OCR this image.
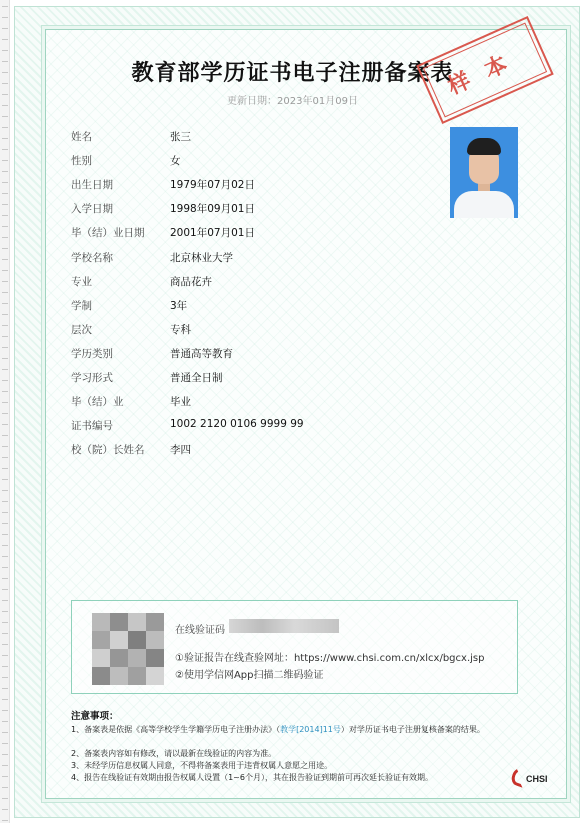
教育部学历证书电子注册备案表
更新日期：2023年01月09日
样本
姓名	张三
性别	女
出生日期	1979年07月02日
入学日期	1998年09月01日
毕（结）业日期 2001年07月01日
学校名称	北京林业大学
专业	商品花卉
学制	3年
层次	专科
学历类别	普通高等教育
学习形式	普通全日制
毕（结）业	毕业
证书编号	1002 2120 0106 9999 99
校（院）长姓名 李四
在线验证码
①验证报告在线查验网址：https://www.chsi.com.cn/xlcx/bgcx.jsp
②使用学信网App扫描二维码验证
注意事项：
1、备案表是依据《高等学校学生学籍学历电子注册办法》（教学[2014]11号）对学历证书电子注册复核备案的结果。
2、备案表内容如有修改，请以最新在线验证的内容为准。
3、未经学历信息权属人同意，不得将备案表用于违背权属人意愿之用途。
4、报告在线验证有效期由报告权属人设置（1~6个月），其在报告验证到期前可再次延长验证有效期。	CHSI
